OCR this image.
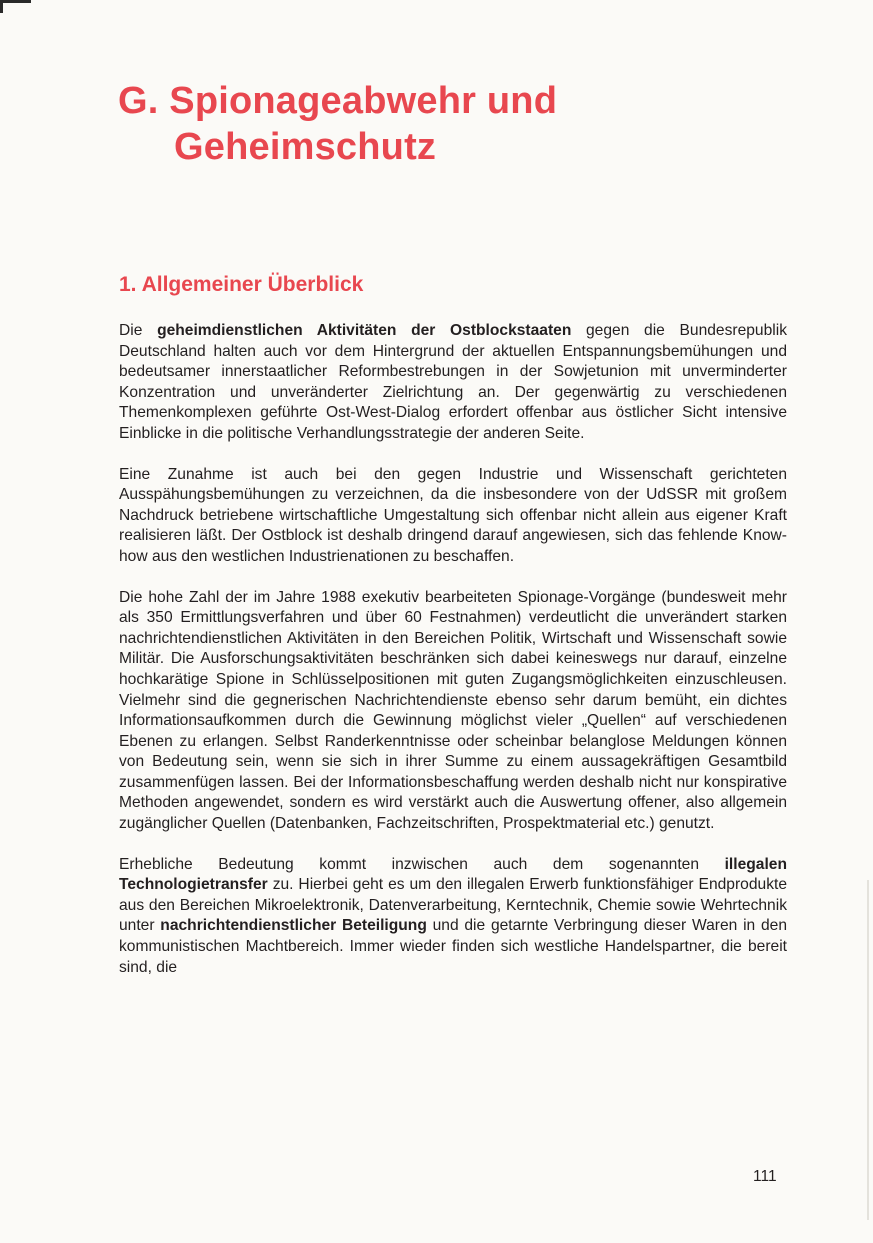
G. Spionageabwehr und
Geheimschutz
1. Allgemeiner Überblick

Die geheimdienstlichen Aktivitäten der Ostblockstaaten gegen die Bundesrepublik Deutschland halten auch vor dem Hintergrund der aktuellen Entspannungsbemühungen und bedeutsamer innerstaatlicher Reformbestrebungen in der Sowjetunion mit unverminderter Konzentration und unveränderter Zielrichtung an. Der gegenwärtig zu verschiedenen Themenkomplexen geführte Ost-West-Dialog erfordert offenbar aus östlicher Sicht intensive Einblicke in die politische Verhandlungsstrategie der anderen Seite.

Eine Zunahme ist auch bei den gegen Industrie und Wissenschaft gerichteten Ausspähungsbemühungen zu verzeichnen, da die insbesondere von der UdSSR mit großem Nachdruck betriebene wirtschaftliche Umgestaltung sich offenbar nicht allein aus eigener Kraft realisieren läßt. Der Ostblock ist deshalb dringend darauf angewiesen, sich das fehlende Know-how aus den westlichen Industrienationen zu beschaffen.

Die hohe Zahl der im Jahre 1988 exekutiv bearbeiteten Spionage-Vorgänge (bundesweit mehr als 350 Ermittlungsverfahren und über 60 Festnahmen) verdeutlicht die unverändert starken nachrichtendienstlichen Aktivitäten in den Bereichen Politik, Wirtschaft und Wissenschaft sowie Militär. Die Ausforschungsaktivitäten beschränken sich dabei keineswegs nur darauf, einzelne hochkarätige Spione in Schlüsselpositionen mit guten Zugangsmöglichkeiten einzuschleusen. Vielmehr sind die gegnerischen Nachrichtendienste ebenso sehr darum bemüht, ein dichtes Informationsaufkommen durch die Gewinnung möglichst vieler „Quellen“ auf verschiedenen Ebenen zu erlangen. Selbst Randerkenntnisse oder scheinbar belanglose Meldungen können von Bedeutung sein, wenn sie sich in ihrer Summe zu einem aussagekräftigen Gesamtbild zusammenfügen lassen. Bei der Informationsbeschaffung werden deshalb nicht nur konspirative Methoden angewendet, sondern es wird verstärkt auch die Auswertung offener, also allgemein zugänglicher Quellen (Datenbanken, Fachzeitschriften, Prospektmaterial etc.) genutzt.

Erhebliche Bedeutung kommt inzwischen auch dem sogenannten illegalen Technologietransfer zu. Hierbei geht es um den illegalen Erwerb funktionsfähiger Endprodukte aus den Bereichen Mikroelektronik, Datenverarbeitung, Kerntechnik, Chemie sowie Wehrtechnik unter nachrichtendienstlicher Beteiligung und die getarnte Verbringung dieser Waren in den kommunistischen Machtbereich. Immer wieder finden sich westliche Handelspartner, die bereit sind, die

111
